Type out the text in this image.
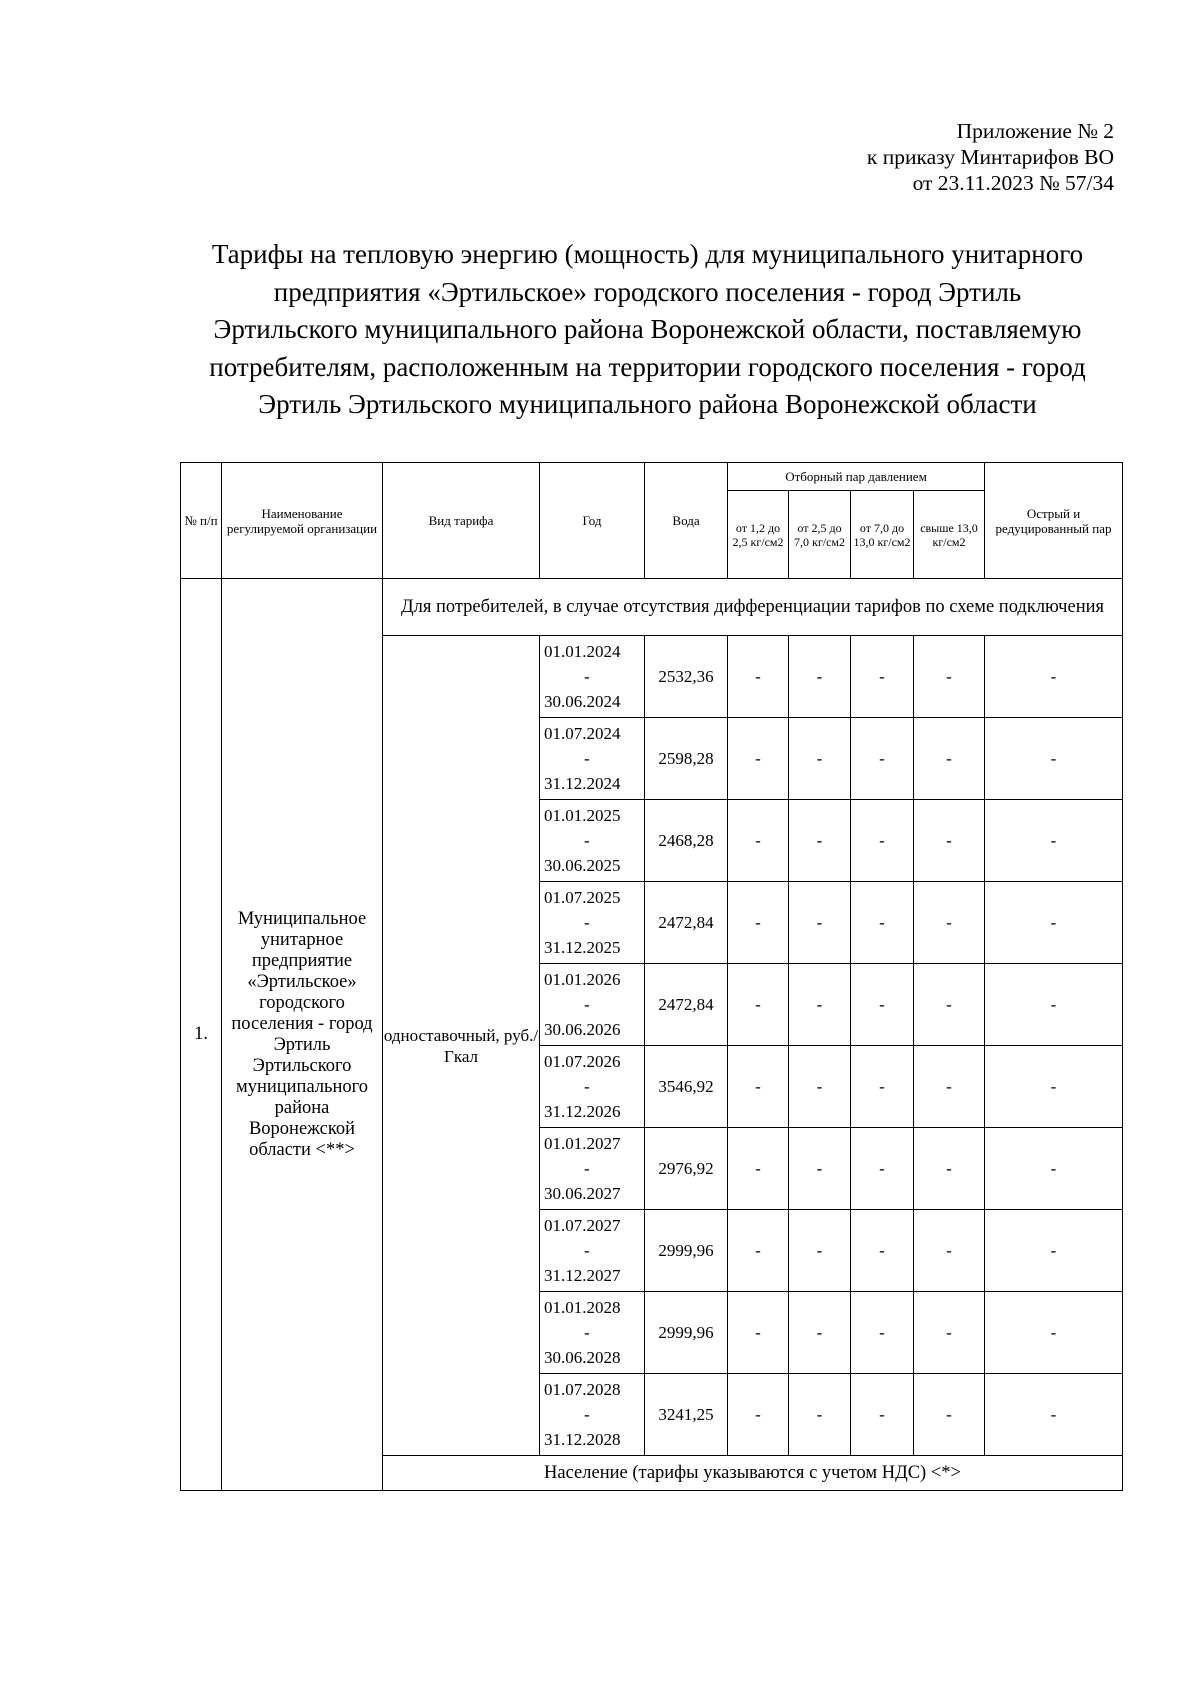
Приложение № 2
к приказу Минтарифов ВО
от 23.11.2023 № 57/34
Тарифы на тепловую энергию (мощность) для муниципального унитарного
предприятия «Эртильское» городского поселения - город Эртиль
Эртильского муниципального района Воронежской области, поставляемую
потребителям, расположенным на территории городского поселения - город
Эртиль Эртильского муниципального района Воронежской области
№ п/п	Наименование регулируемой организации	Вид тарифа	Год	Вода	Отборный пар давлением				Острый и редуцированный пар
					от 1,2 до 2,5 кг/см2	от 2,5 до 7,0 кг/см2	от 7,0 до 13,0 кг/см2	свыше 13,0 кг/см2	
1.	Муниципальное унитарное предприятие «Эртильское» городского поселения - город Эртиль Эртильского муниципального района Воронежской области <**>	Для потребителей, в случае отсутствия дифференциации тарифов по схеме подключения							
		одноставочный, руб./Гкал	01.01.2024
-
30.06.2024	2532,36	-	-	-	-	-

			01.07.2024
-
31.12.2024	2598,28	-	-	-	-	-

			01.01.2025
-
30.06.2025	2468,28	-	-	-	-	-

			01.07.2025
-
31.12.2025	2472,84	-	-	-	-	-

			01.01.2026
-
30.06.2026	2472,84	-	-	-	-	-

			01.07.2026
-
31.12.2026	3546,92	-	-	-	-	-

			01.01.2027
-
30.06.2027	2976,92	-	-	-	-	-

			01.07.2027
-
31.12.2027	2999,96	-	-	-	-	-

			01.01.2028
-
30.06.2028	2999,96	-	-	-	-	-

			01.07.2028
-
31.12.2028	3241,25	-	-	-	-	-
		Население (тарифы указываются с учетом НДС) <*>							
